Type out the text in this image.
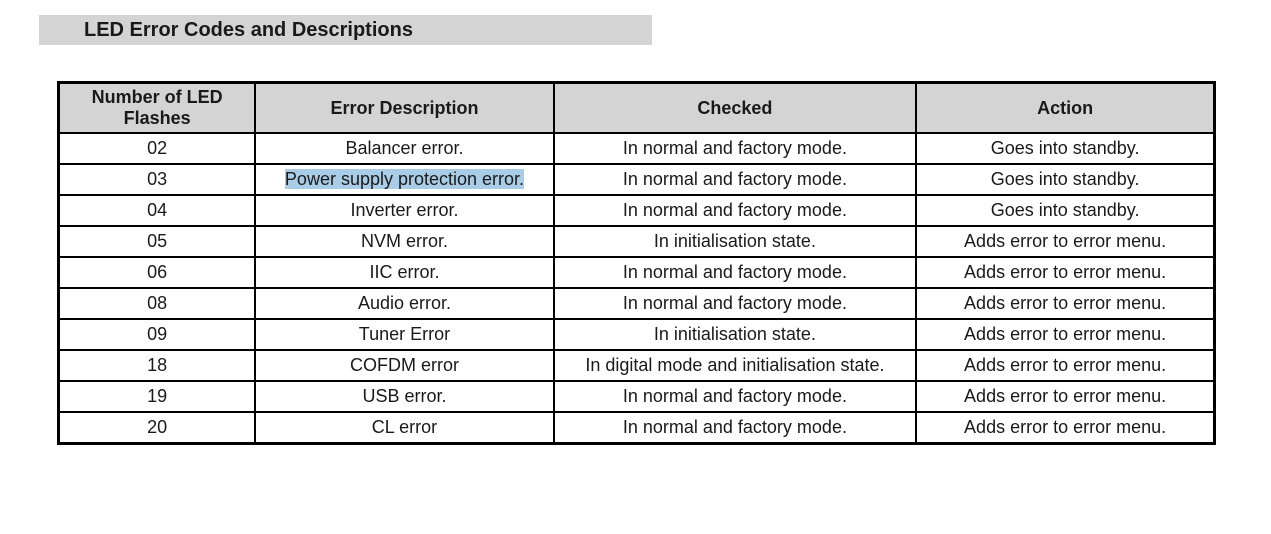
LED Error Codes and Descriptions
Number of LED Flashes	Error Description	Checked	Action
02	Balancer error.	In normal and factory mode.	Goes into standby.
03	Power supply protection error.	In normal and factory mode.	Goes into standby.
04	Inverter error.	In normal and factory mode.	Goes into standby.
05	NVM error.	In initialisation state.	Adds error to error menu.
06	IIC error.	In normal and factory mode.	Adds error to error menu.
08	Audio error.	In normal and factory mode.	Adds error to error menu.
09	Tuner Error	In initialisation state.	Adds error to error menu.
18	COFDM error	In digital mode and initialisation state.	Adds error to error menu.
19	USB error.	In normal and factory mode.	Adds error to error menu.
20	CL error	In normal and factory mode.	Adds error to error menu.
